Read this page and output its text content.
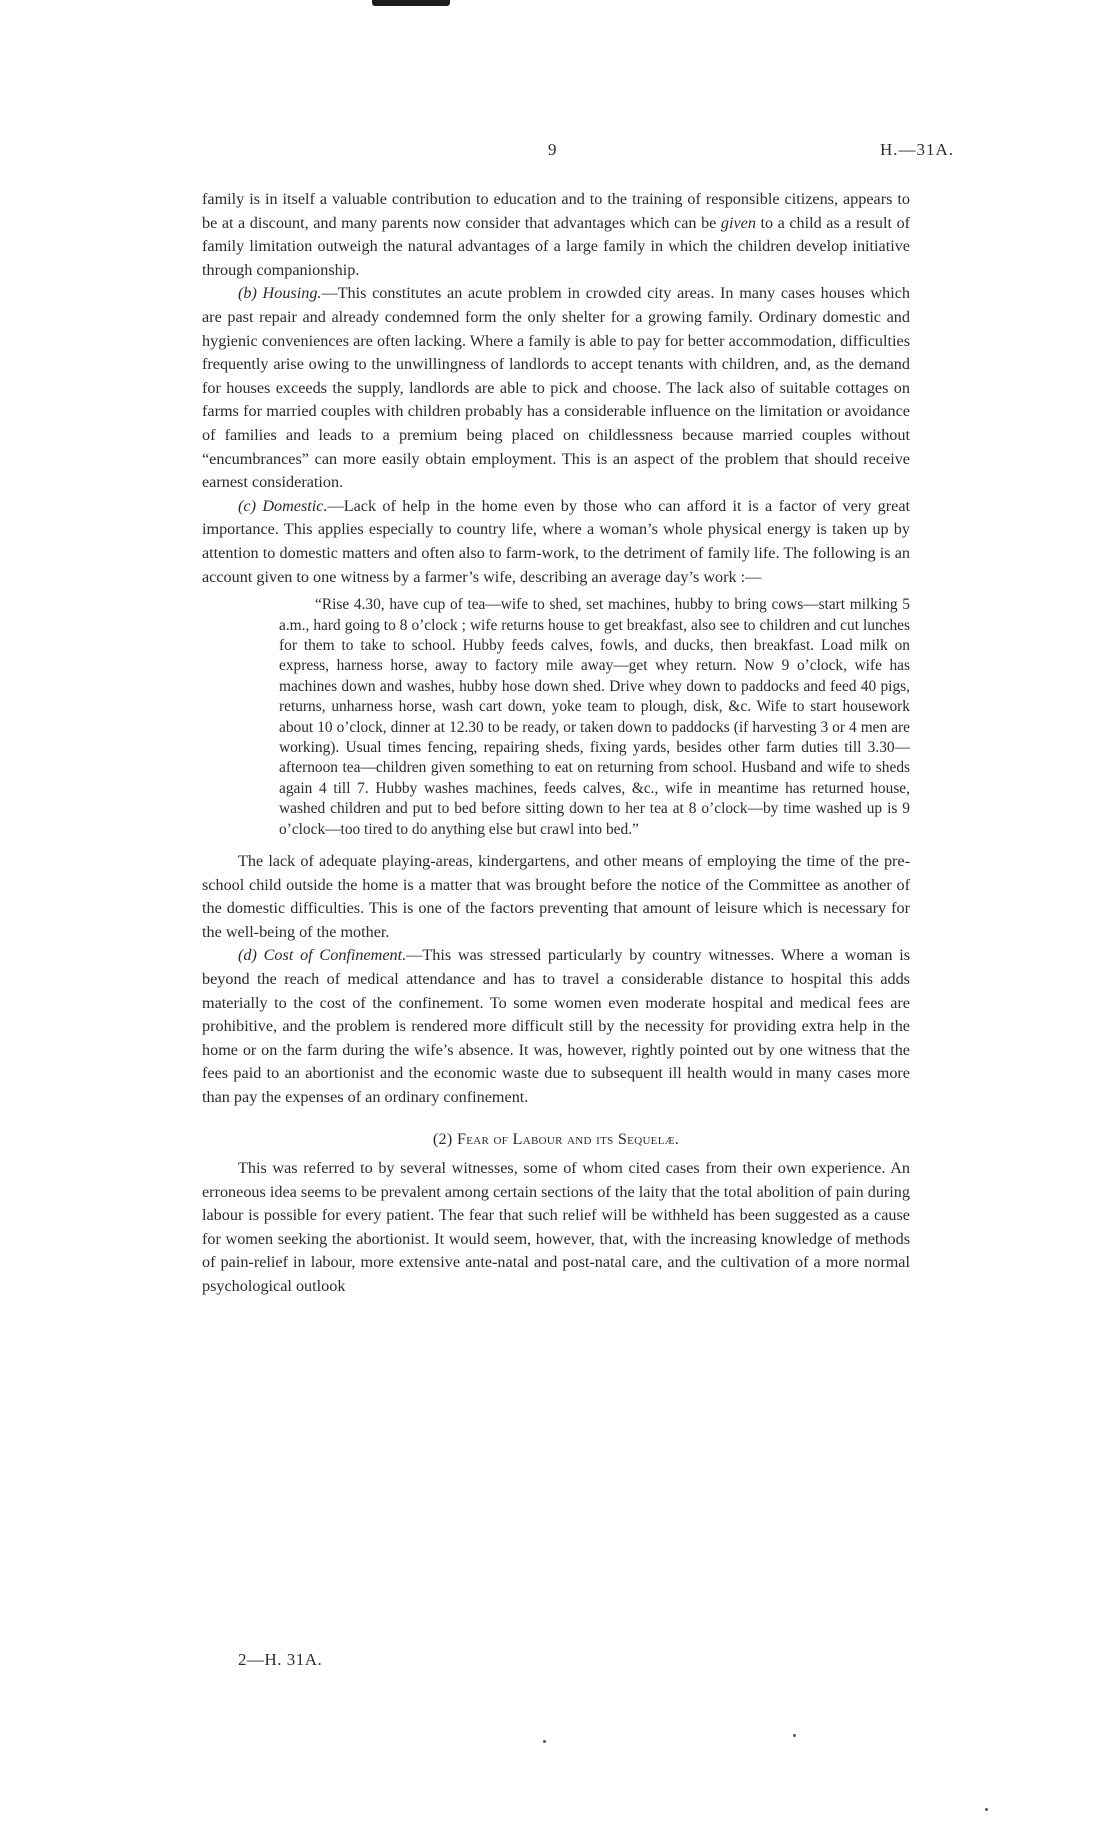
9	H.—31A.

family is in itself a valuable contribution to education and to the training of responsible citizens, appears to be at a discount, and many parents now consider that advantages which can be given to a child as a result of family limitation outweigh the natural advantages of a large family in which the children develop initiative through companionship.

(b) Housing.—This constitutes an acute problem in crowded city areas. In many cases houses which are past repair and already condemned form the only shelter for a growing family. Ordinary domestic and hygienic conveniences are often lacking. Where a family is able to pay for better accommodation, difficulties frequently arise owing to the unwillingness of landlords to accept tenants with children, and, as the demand for houses exceeds the supply, landlords are able to pick and choose. The lack also of suitable cottages on farms for married couples with children probably has a considerable influence on the limitation or avoidance of families and leads to a premium being placed on childlessness because married couples without “encumbrances” can more easily obtain employment. This is an aspect of the problem that should receive earnest consideration.

(c) Domestic.—Lack of help in the home even by those who can afford it is a factor of very great importance. This applies especially to country life, where a woman’s whole physical energy is taken up by attention to domestic matters and often also to farm-work, to the detriment of family life. The following is an account given to one witness by a farmer’s wife, describing an average day’s work :—

“Rise 4.30, have cup of tea—wife to shed, set machines, hubby to bring cows—start milking 5 a.m., hard going to 8 o’clock ; wife returns house to get breakfast, also see to children and cut lunches for them to take to school. Hubby feeds calves, fowls, and ducks, then breakfast. Load milk on express, harness horse, away to factory mile away—get whey return. Now 9 o’clock, wife has machines down and washes, hubby hose down shed. Drive whey down to paddocks and feed 40 pigs, returns, unharness horse, wash cart down, yoke team to plough, disk, &c. Wife to start housework about 10 o’clock, dinner at 12.30 to be ready, or taken down to paddocks (if harvesting 3 or 4 men are working). Usual times fencing, repairing sheds, fixing yards, besides other farm duties till 3.30—afternoon tea—children given something to eat on returning from school. Husband and wife to sheds again 4 till 7. Hubby washes machines, feeds calves, &c., wife in meantime has returned house, washed children and put to bed before sitting down to her tea at 8 o’clock—by time washed up is 9 o’clock—too tired to do anything else but crawl into bed.”

The lack of adequate playing-areas, kindergartens, and other means of employing the time of the pre-school child outside the home is a matter that was brought before the notice of the Committee as another of the domestic difficulties. This is one of the factors preventing that amount of leisure which is necessary for the well-being of the mother.

(d) Cost of Confinement.—This was stressed particularly by country witnesses. Where a woman is beyond the reach of medical attendance and has to travel a considerable distance to hospital this adds materially to the cost of the confinement. To some women even moderate hospital and medical fees are prohibitive, and the problem is rendered more difficult still by the necessity for providing extra help in the home or on the farm during the wife’s absence. It was, however, rightly pointed out by one witness that the fees paid to an abortionist and the economic waste due to subsequent ill health would in many cases more than pay the expenses of an ordinary confinement.

(2) Fear of Labour and its Sequelæ.

This was referred to by several witnesses, some of whom cited cases from their own experience. An erroneous idea seems to be prevalent among certain sections of the laity that the total abolition of pain during labour is possible for every patient. The fear that such relief will be withheld has been suggested as a cause for women seeking the abortionist. It would seem, however, that, with the increasing knowledge of methods of pain-relief in labour, more extensive ante-natal and post-natal care, and the cultivation of a more normal psychological outlook

2—H. 31A.
